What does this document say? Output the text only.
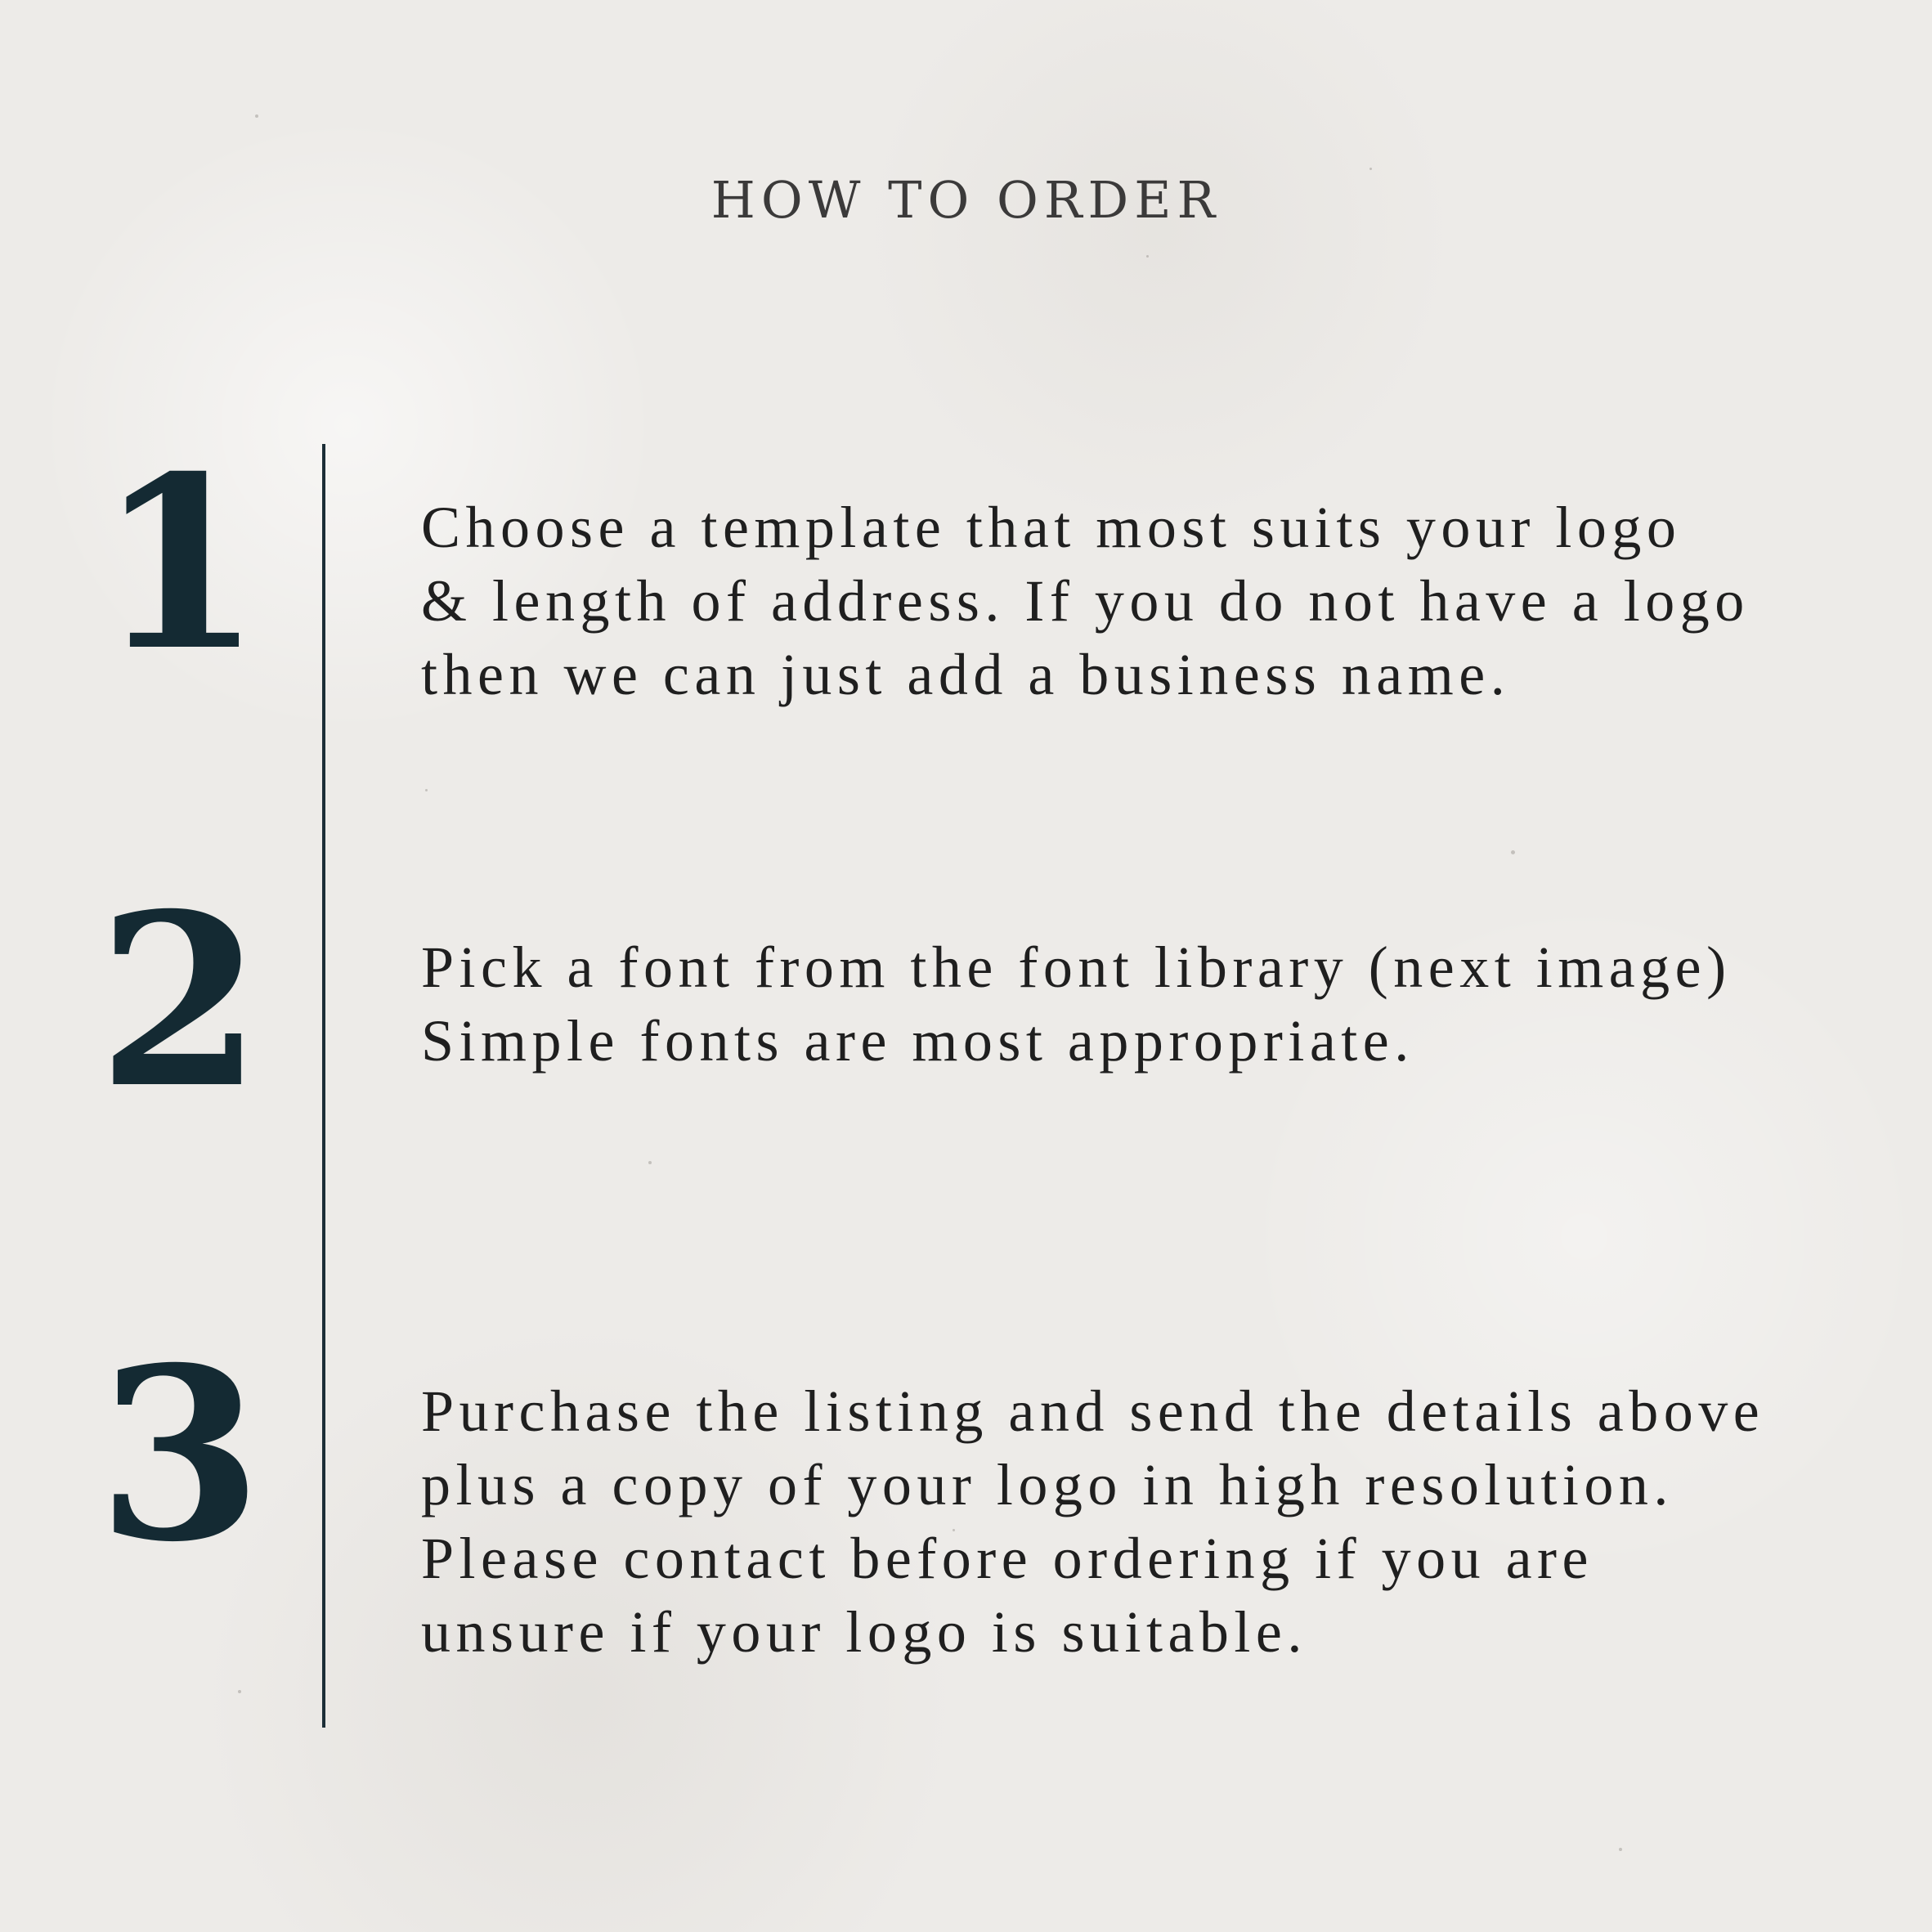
HOW TO ORDER
1	Choose a template that most suits your logo
& length of address. If you do not have a logo
then we can just add a business name.

2	Pick a font from the font library (next image)
Simple fonts are most appropriate.

3	Purchase the listing and send the details above
plus a copy of your logo in high resolution.
Please contact before ordering if you are
unsure if your logo is suitable.
